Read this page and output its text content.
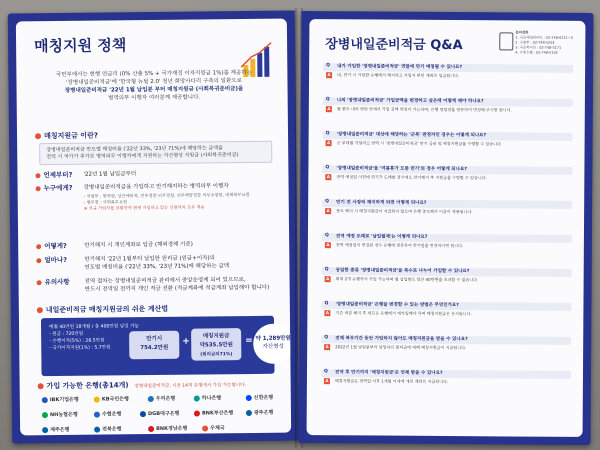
매칭지원 정책
국민부에서는 현행 연금리 (0% 산출 5% + 국가재정 이자지원금 1%)를 제공하는
'장병내일준비적금'에 '한국형 뉴딜 2.0' 청년 희망사다리 구축의 일환으로
장병내일준비적금 '22년 1월 납입분 부터 매칭지원금 (사회복귀준비금)을
병역의무 이행자 여러분께 제공합니다.
매칭지원금 이란?
장병내일준비적금 만도별 매칭비율 ('22년 33%, '23년 71%)에 해당하는 금액을
전역 시 국가가 추가로 병역의무 이행자에게 지원하는 자산형성 지원금 (사회복귀준비금)
언제부터? '22년 1월 납입금부터
누구에게? 장병내일준비적금을 가입하고 만기해지하는 병역의무 이행자
- 국방부 : 현역병, 상근예비역, 전투경찰·의무경찰, 의무해양경찰 의무소방원, 대체복무요원
- 병무청 : 사회복무요원
※ 신규 가입자를 포함하여 현재 가입하고 있는 인원까지 모두 적용
어떻게?	만기해지 시 개인계좌로 입금 (해외경제 기준)
얼마나?	만기해지 '22년 1월부터 납입한 원리금 (원금+이자)의
연도별 매칭비율 ('22년 33%, '23년 71%)에 해당하는 금액
유의사항	전역 절차는 장병내일준비적금 관리에서 중앙운영계 되어 있으므로,
반드시 전역일 전까지 개인 적금 전환 (적금계좌에 적금계좌 납입해야 합니다)
내일준비적금 매칭지원금의 쉬운 계산법
매월 40만원 18개월 / 총 400만원 납입 가능
- 원금 : 720만원
- 은행이자(5%) : 28.5만원
- 국가이자지원(1%) : 5.7만원
만기시
754.2만원
+
매칭지원금
약535.5만원
(원리금의71%)
= 약 1,289만원
자산형성
가입 가능한 은행(총14개) 장병내일준비적금, 시중 14개 은행에서 가입 가능합니다.
IBK기업은행	KB국민은행	우리은행	하나은행	신한은행
NH농협은행	수협은행	DGB대구은행	BNK부산은행	광주은행
제주은행	전북은행	BNK경남은행	우체국
장병내일준비적금 Q&A
문의전화
1. 국군재정관리단 : 02-748-6121~3
2. 국방부 : 02-748-5254
3. 국군복지단 : 02-748-5171
4. 수협은행 : 02-748-5192
Q 내가 가입한 '장병내일준비적금' 연말에 만기 매칭될 수 있나요?
A	네, 만기 시 가입한 은행에서 해지하고 가입자 본인 계좌로 입금됩니다.
Q 나의 '장병내일준비적금' 가입금액을 변경하고 싶은데 어떻게 해야 하나요?
A	월 한도 내의 범위 안에서 가입 금액 변경이 가능하며, 은행 영업점을 방문하여 변경해 주시면 됩니다.
Q '장병내일준비적금' 대상에 해당하는 '군복' 판정자인 경우는 어떻게 되나요?
A	군 부대별 가입하고 전역 시 '장병내일준비적금' 만기 금리 및 매칭지원금을 수령할 수 있습니다.
Q '장병내일준비적금'을 '여름휴가 도중 만기'의 경우 어떻게 되나요?
A	전역 예정일 이전에 만기가 도래한 경우에도 만기해지 후 지원금을 수령할 수 있습니다.
Q 만기 전 사장의 해지하게 되면 어떻게 되나요?
A	중도 해지 시 매칭지원금이 지급되지 않으며 은행 중도해지 이율이 적용됩니다.
Q 전역 예정 도래로 '납입월제'는 어떻게 되나요?
A	전역 예정일이 변경된 경우 은행에 방문하여 만기일을 변경하시면 됩니다.
Q 동일한 종류 '장병내일준비적금'을 복수로 나누어 가입할 수 있나요?
A	최대 2개 은행까지 가입 가능하며 월 납입한도 합산 40만원을 초과할 수 없습니다.
Q '장병내일준비적금' 은행을 변경할 수 있는 방법은 무엇인가요?
A	기존 적금 해지 후 새로운 은행에서 재가입해야 하며 매칭지원금은 유지됩니다.
Q 전체 복무기간 동안 가입하지 않아도 매칭지원금을 받을 수 있나요?
A	2022년 1월 납입분부터 납입하신 원리금에 대해 매칭지원금이 지급됩니다.
Q 전역 후 만기까지 '매칭지원금'은 언제 받을 수 있나요?
A	매칭지원금은 전역일 이후 1개월 이내에 개인 계좌로 지급됩니다.
